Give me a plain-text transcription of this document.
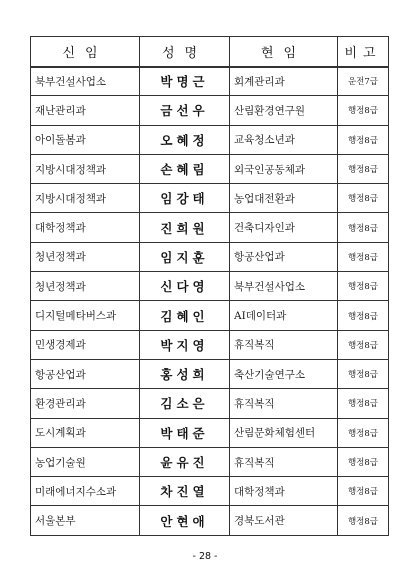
신임	성명	현임	비고
북부건설사업소	박명근	회계관리과	운전7급
재난관리과	금선우	산림환경연구원	행정8급
아이돌봄과	오혜정	교육청소년과	행정8급
지방시대정책과	손혜림	외국인공동체과	행정8급
지방시대정책과	임강태	농업대전환과	행정8급
대학정책과	진희원	건축디자인과	행정8급
청년정책과	임지훈	항공산업과	행정8급
청년정책과	신다영	북부건설사업소	행정8급
디지털메타버스과	김혜인	AI데이터과	행정8급
민생경제과	박지영	휴직복직	행정8급
항공산업과	홍성희	축산기술연구소	행정8급
환경관리과	김소은	휴직복직	행정8급
도시계획과	박태준	산림문화체험센터	행정8급
농업기술원	윤유진	휴직복직	행정8급
미래에너지수소과	차진열	대학정책과	행정8급
서울본부	안현애	경북도서관	행정8급
- 28 -
